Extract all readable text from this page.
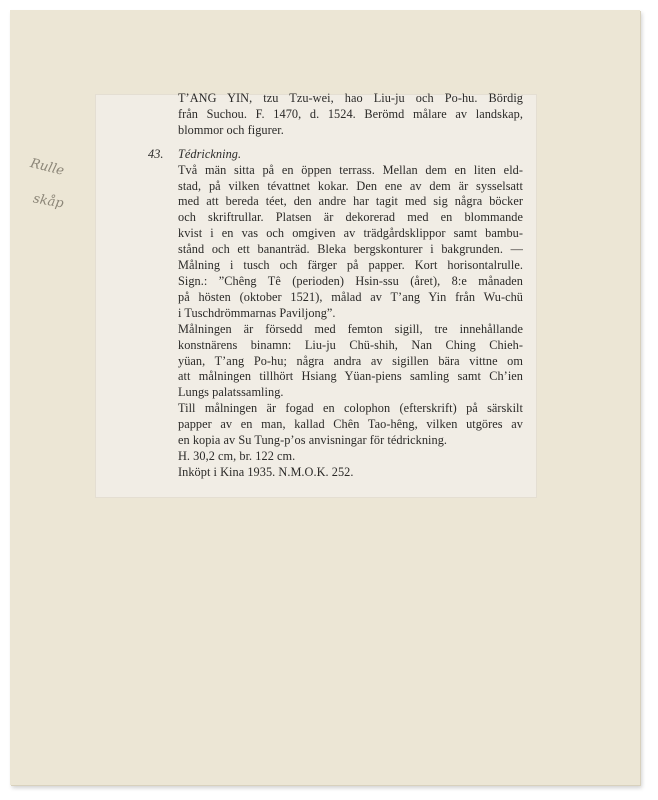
Rulle
skåp
T’ANG YIN, tzu Tzu-wei, hao Liu-ju och Po-hu. Bördig
från Suchou. F. 1470, d. 1524. Berömd målare av landskap,
blommor och figurer.
43. Tédrickning.
Två män sitta på en öppen terrass. Mellan dem en liten eld-
stad, på vilken tévattnet kokar. Den ene av dem är sysselsatt
med att bereda téet, den andre har tagit med sig några böcker
och skriftrullar. Platsen är dekorerad med en blommande
kvist i en vas och omgiven av trädgårdsklippor samt bambu-
stånd och ett bananträd. Bleka bergskonturer i bakgrunden. —
Målning i tusch och färger på papper. Kort horisontalrulle.
Sign.: ”Chêng Tê (perioden) Hsin-ssu (året), 8:e månaden
på hösten (oktober 1521), målad av T’ang Yin från Wu-chü
i Tuschdrömmarnas Paviljong”.
Målningen är försedd med femton sigill, tre innehållande
konstnärens binamn: Liu-ju Chü-shih, Nan Ching Chieh-
yüan, T’ang Po-hu; några andra av sigillen bära vittne om
att målningen tillhört Hsiang Yüan-piens samling samt Ch’ien
Lungs palatssamling.
Till målningen är fogad en colophon (efterskrift) på särskilt
papper av en man, kallad Chên Tao-hêng, vilken utgöres av
en kopia av Su Tung-p’os anvisningar för tédrickning.
H. 30,2 cm, br. 122 cm.
Inköpt i Kina 1935. N.M.O.K. 252.
